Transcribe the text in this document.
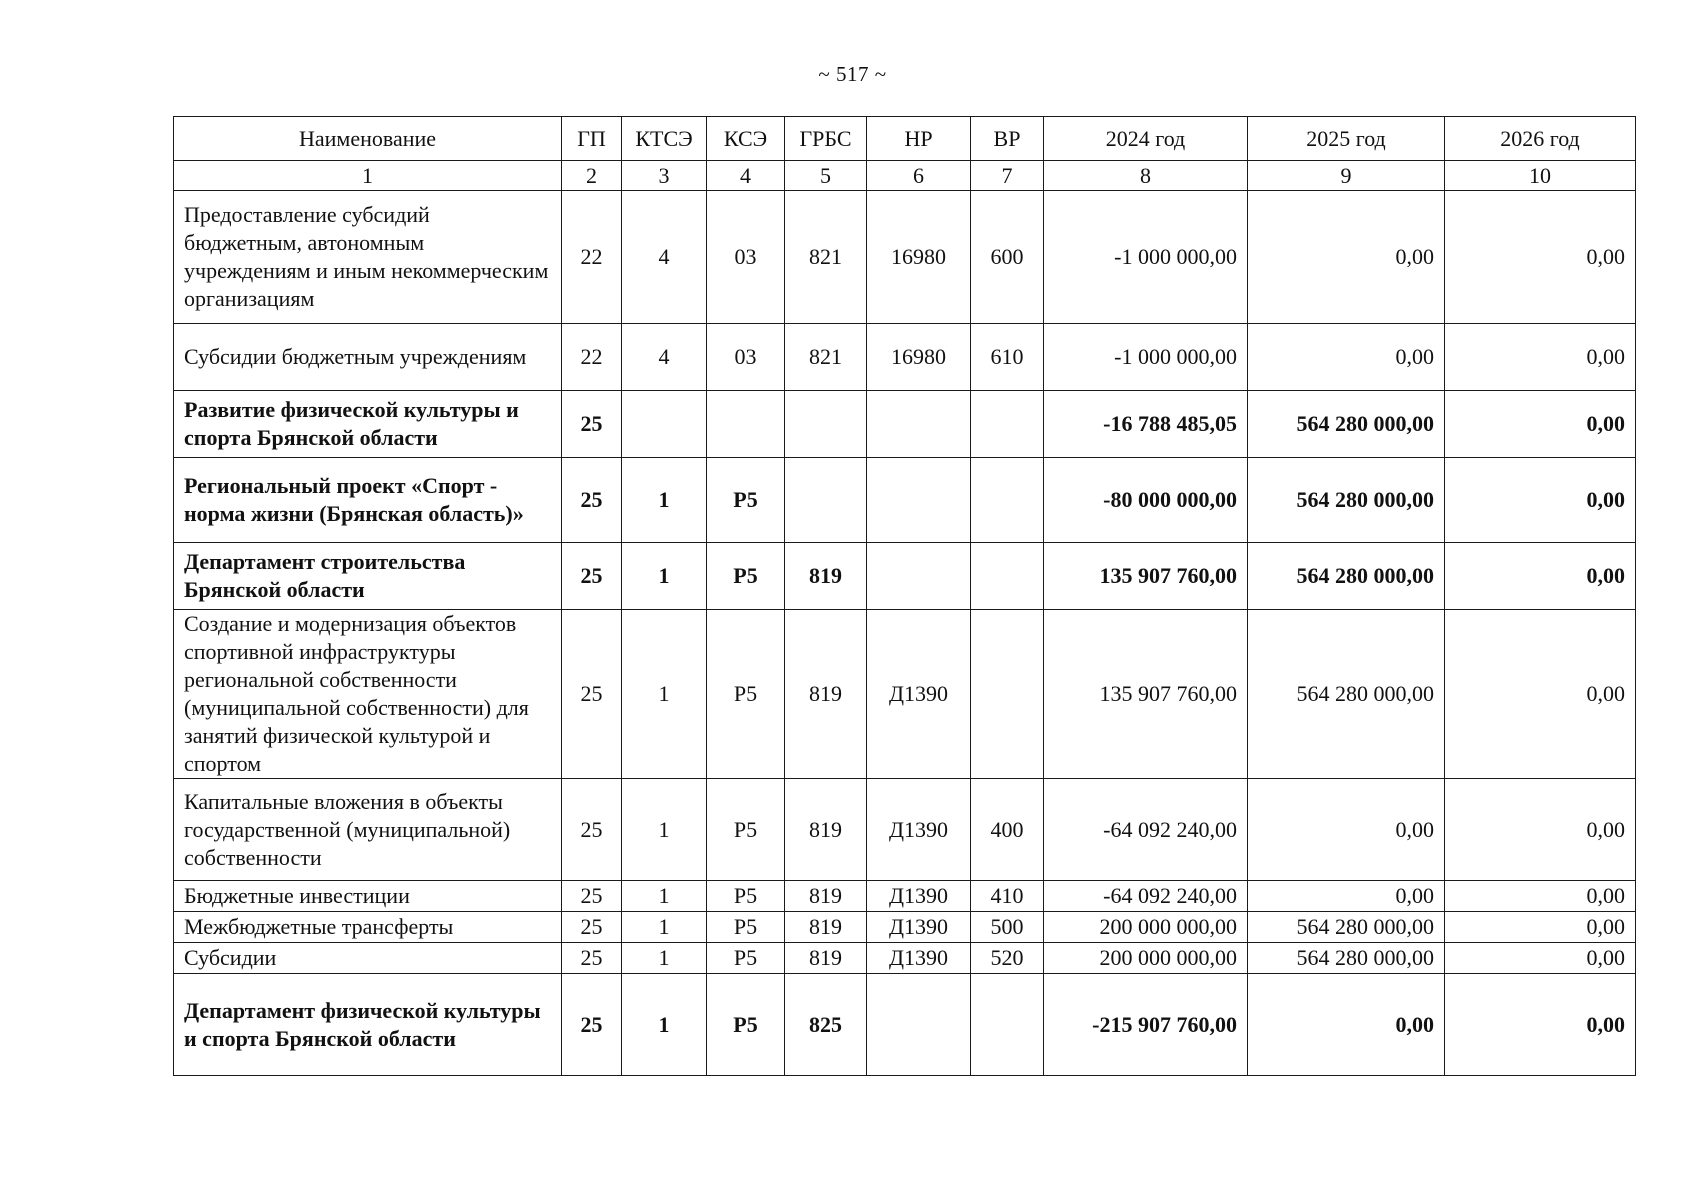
~ 517 ~
Наименование	ГП	КТСЭ	КСЭ	ГРБС	НР	ВР	2024 год	2025 год	2026 год
1	2	3	4	5	6	7	8	9	10
Предоставление субсидий бюджетным, автономным учреждениям и иным некоммерческим организациям	22	4	03	821	16980	600	-1 000 000,00	0,00	0,00
Субсидии бюджетным учреждениям	22	4	03	821	16980	610	-1 000 000,00	0,00	0,00
Развитие физической культуры и спорта Брянской области	25						-16 788 485,05	564 280 000,00	0,00
Региональный проект «Спорт - норма жизни (Брянская область)»	25	1	Р5				-80 000 000,00	564 280 000,00	0,00
Департамент строительства Брянской области	25	1	Р5	819			135 907 760,00	564 280 000,00	0,00
Создание и модернизация объектов спортивной инфраструктуры региональной собственности (муниципальной собственности) для занятий физической культурой и спортом	25	1	Р5	819	Д1390		135 907 760,00	564 280 000,00	0,00
Капитальные вложения в объекты государственной (муниципальной) собственности	25	1	Р5	819	Д1390	400	-64 092 240,00	0,00	0,00
Бюджетные инвестиции	25	1	Р5	819	Д1390	410	-64 092 240,00	0,00	0,00
Межбюджетные трансферты	25	1	Р5	819	Д1390	500	200 000 000,00	564 280 000,00	0,00
Субсидии	25	1	Р5	819	Д1390	520	200 000 000,00	564 280 000,00	0,00
Департамент физической культуры и спорта Брянской области	25	1	Р5	825			-215 907 760,00	0,00	0,00
